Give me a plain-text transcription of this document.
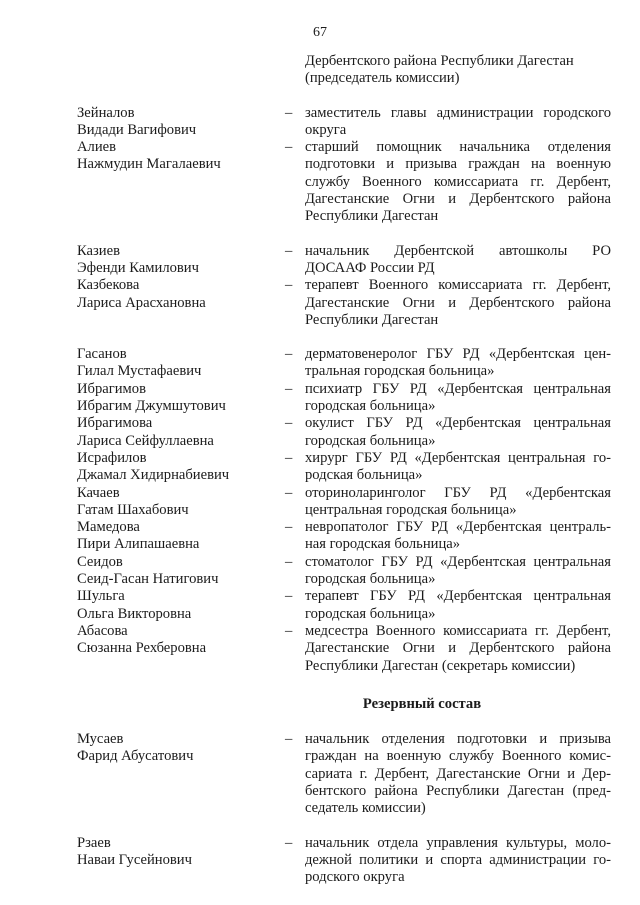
67
Дербентского района Республики Дагестан
(председатель комиссии)
Зейналов
Видади Вагифович
– заместитель главы администрации городского
округа
Алиев
Нажмудин Магалаевич
– старший помощник начальника отделения
подготовки и призыва граждан на военную
службу Военного комиссариата гг. Дербент,
Дагестанские Огни и Дербентского района
Республики Дагестан
Казиев
Эфенди Камилович
– начальник Дербентской автошколы РО
ДОСААФ России РД
Казбекова
Лариса Арасхановна
– терапевт Военного комиссариата гг. Дербент,
Дагестанские Огни и Дербентского района
Республики Дагестан
Гасанов
Гилал Мустафаевич
– дерматовенеролог ГБУ РД «Дербентская цен-
тральная городская больница»
Ибрагимов
Ибрагим Джумшутович
– психиатр ГБУ РД «Дербентская центральная
городская больница»
Ибрагимова
Лариса Сейфуллаевна
– окулист ГБУ РД «Дербентская центральная
городская больница»
Исрафилов
Джамал Хидирнабиевич
– хирург ГБУ РД «Дербентская центральная го-
родская больница»
Качаев
Гатам Шахабович
– оториноларинголог ГБУ РД «Дербентская
центральная городская больница»
Мамедова
Пири Алипашаевна
– невропатолог ГБУ РД «Дербентская централь-
ная городская больница»
Сеидов
Сеид-Гасан Натигович
– стоматолог ГБУ РД «Дербентская центральная
городская больница»
Шульга
Ольга Викторовна
– терапевт ГБУ РД «Дербентская центральная
городская больница»
Абасова
Сюзанна Рехберовна
– медсестра Военного комиссариата гг. Дербент,
Дагестанские Огни и Дербентского района
Республики Дагестан (секретарь комиссии)
Резервный состав
Мусаев
Фарид Абусатович
– начальник отделения подготовки и призыва
граждан на военную службу Военного комис-
сариата г. Дербент, Дагестанские Огни и Дер-
бентского района Республики Дагестан (пред-
седатель комиссии)
Рзаев
Наваи Гусейнович
– начальник отдела управления культуры, моло-
дежной политики и спорта администрации го-
родского округа
